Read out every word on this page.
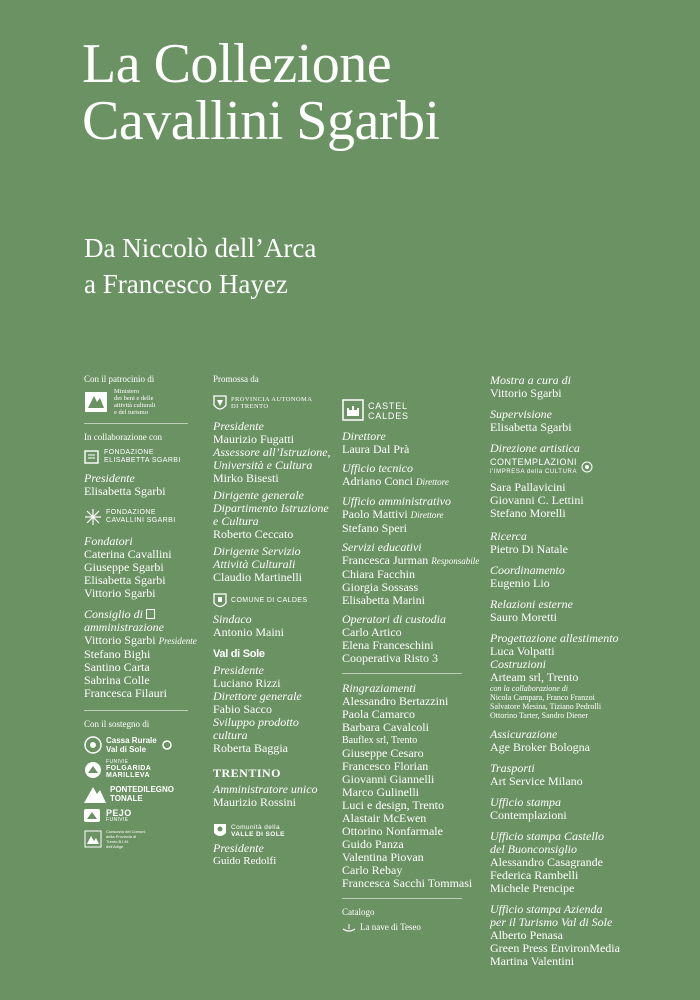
La Collezione
Cavallini Sgarbi
Da Niccolò dell’Arca
a Francesco Hayez
Con il patrocinio di
Ministero
dei beni e delle
attività culturali
e del turismo
In collaborazione con
FONDAZIONE
ELISABETTA SGARBI
Presidente
Elisabetta Sgarbi
FONDAZIONE
CAVALLINI SGARBI
Fondatori
Caterina Cavallini
Giuseppe Sgarbi
Elisabetta Sgarbi
Vittorio Sgarbi
Consiglio di
amministrazione
Vittorio Sgarbi Presidente
Stefano Bighi
Santino Carta
Sabrina Colle
Francesca Filauri
Con il sostegno di
Cassa Rurale
Val di Sole
FUNIVIE
FOLGARIDA
MARILLEVA
PONTEDILEGNO
TONALE
PEJO
FUNIVIE
Consorzio dei Comuni della Provincia di Trento B.I.M. dell'Adige
Promossa da
PROVINCIA AUTONOMA
DI TRENTO
Presidente
Maurizio Fugatti
Assessore all’Istruzione,
Università e Cultura
Mirko Bisesti
Dirigente generale
Dipartimento Istruzione
e Cultura
Roberto Ceccato
Dirigente Servizio
Attività Culturali
Claudio Martinelli
COMUNE DI CALDES
Sindaco
Antonio Maini
Val di Sole
Presidente
Luciano Rizzi
Direttore generale
Fabio Sacco
Sviluppo prodotto cultura
Roberta Baggia
TRENTINO
Amministratore unico
Maurizio Rossini
Comunità della
VALLE DI SOLE
Presidente
Guido Redolfi
CASTEL
CALDES
Direttore
Laura Dal Prà
Ufficio tecnico
Adriano Conci Direttore
Ufficio amministrativo
Paolo Mattivi Direttore
Stefano Speri
Servizi educativi
Francesca Jurman Responsabile
Chiara Facchin
Giorgia Sossass
Elisabetta Marini
Operatori di custodia
Carlo Artico
Elena Franceschini
Cooperativa Risto 3
Ringraziamenti
Alessandro Bertazzini
Paola Camarco
Barbara Cavalcoli
Bauflex srl, Trento
Giuseppe Cesaro
Francesco Florian
Giovanni Giannelli
Marco Gulinelli
Luci e design, Trento
Alastair McEwen
Ottorino Nonfarmale
Guido Panza
Valentina Piovan
Carlo Rebay
Francesca Sacchi Tommasi
Catalogo
La nave di Teseo
Mostra a cura di
Vittorio Sgarbi
Supervisione
Elisabetta Sgarbi
Direzione artistica
CONTEMPLAZIONI
l’IMPRESA della CULTURA
Sara Pallavicini
Giovanni C. Lettini
Stefano Morelli
Ricerca
Pietro Di Natale
Coordinamento
Eugenio Lio
Relazioni esterne
Sauro Moretti
Progettazione allestimento
Luca Volpatti
Costruzioni
Arteam srl, Trento
con la collaborazione di
Nicola Campara, Franco Franzoi
Salvatore Mesina, Tiziano Pedrolli
Ottorino Tarter, Sandro Diener
Assicurazione
Age Broker Bologna
Trasporti
Art Service Milano
Ufficio stampa
Contemplazioni
Ufficio stampa Castello
del Buonconsiglio
Alessandro Casagrande
Federica Rambelli
Michele Prencipe
Ufficio stampa Azienda
per il Turismo Val di Sole
Alberto Penasa
Green Press EnvironMedia
Martina Valentini
